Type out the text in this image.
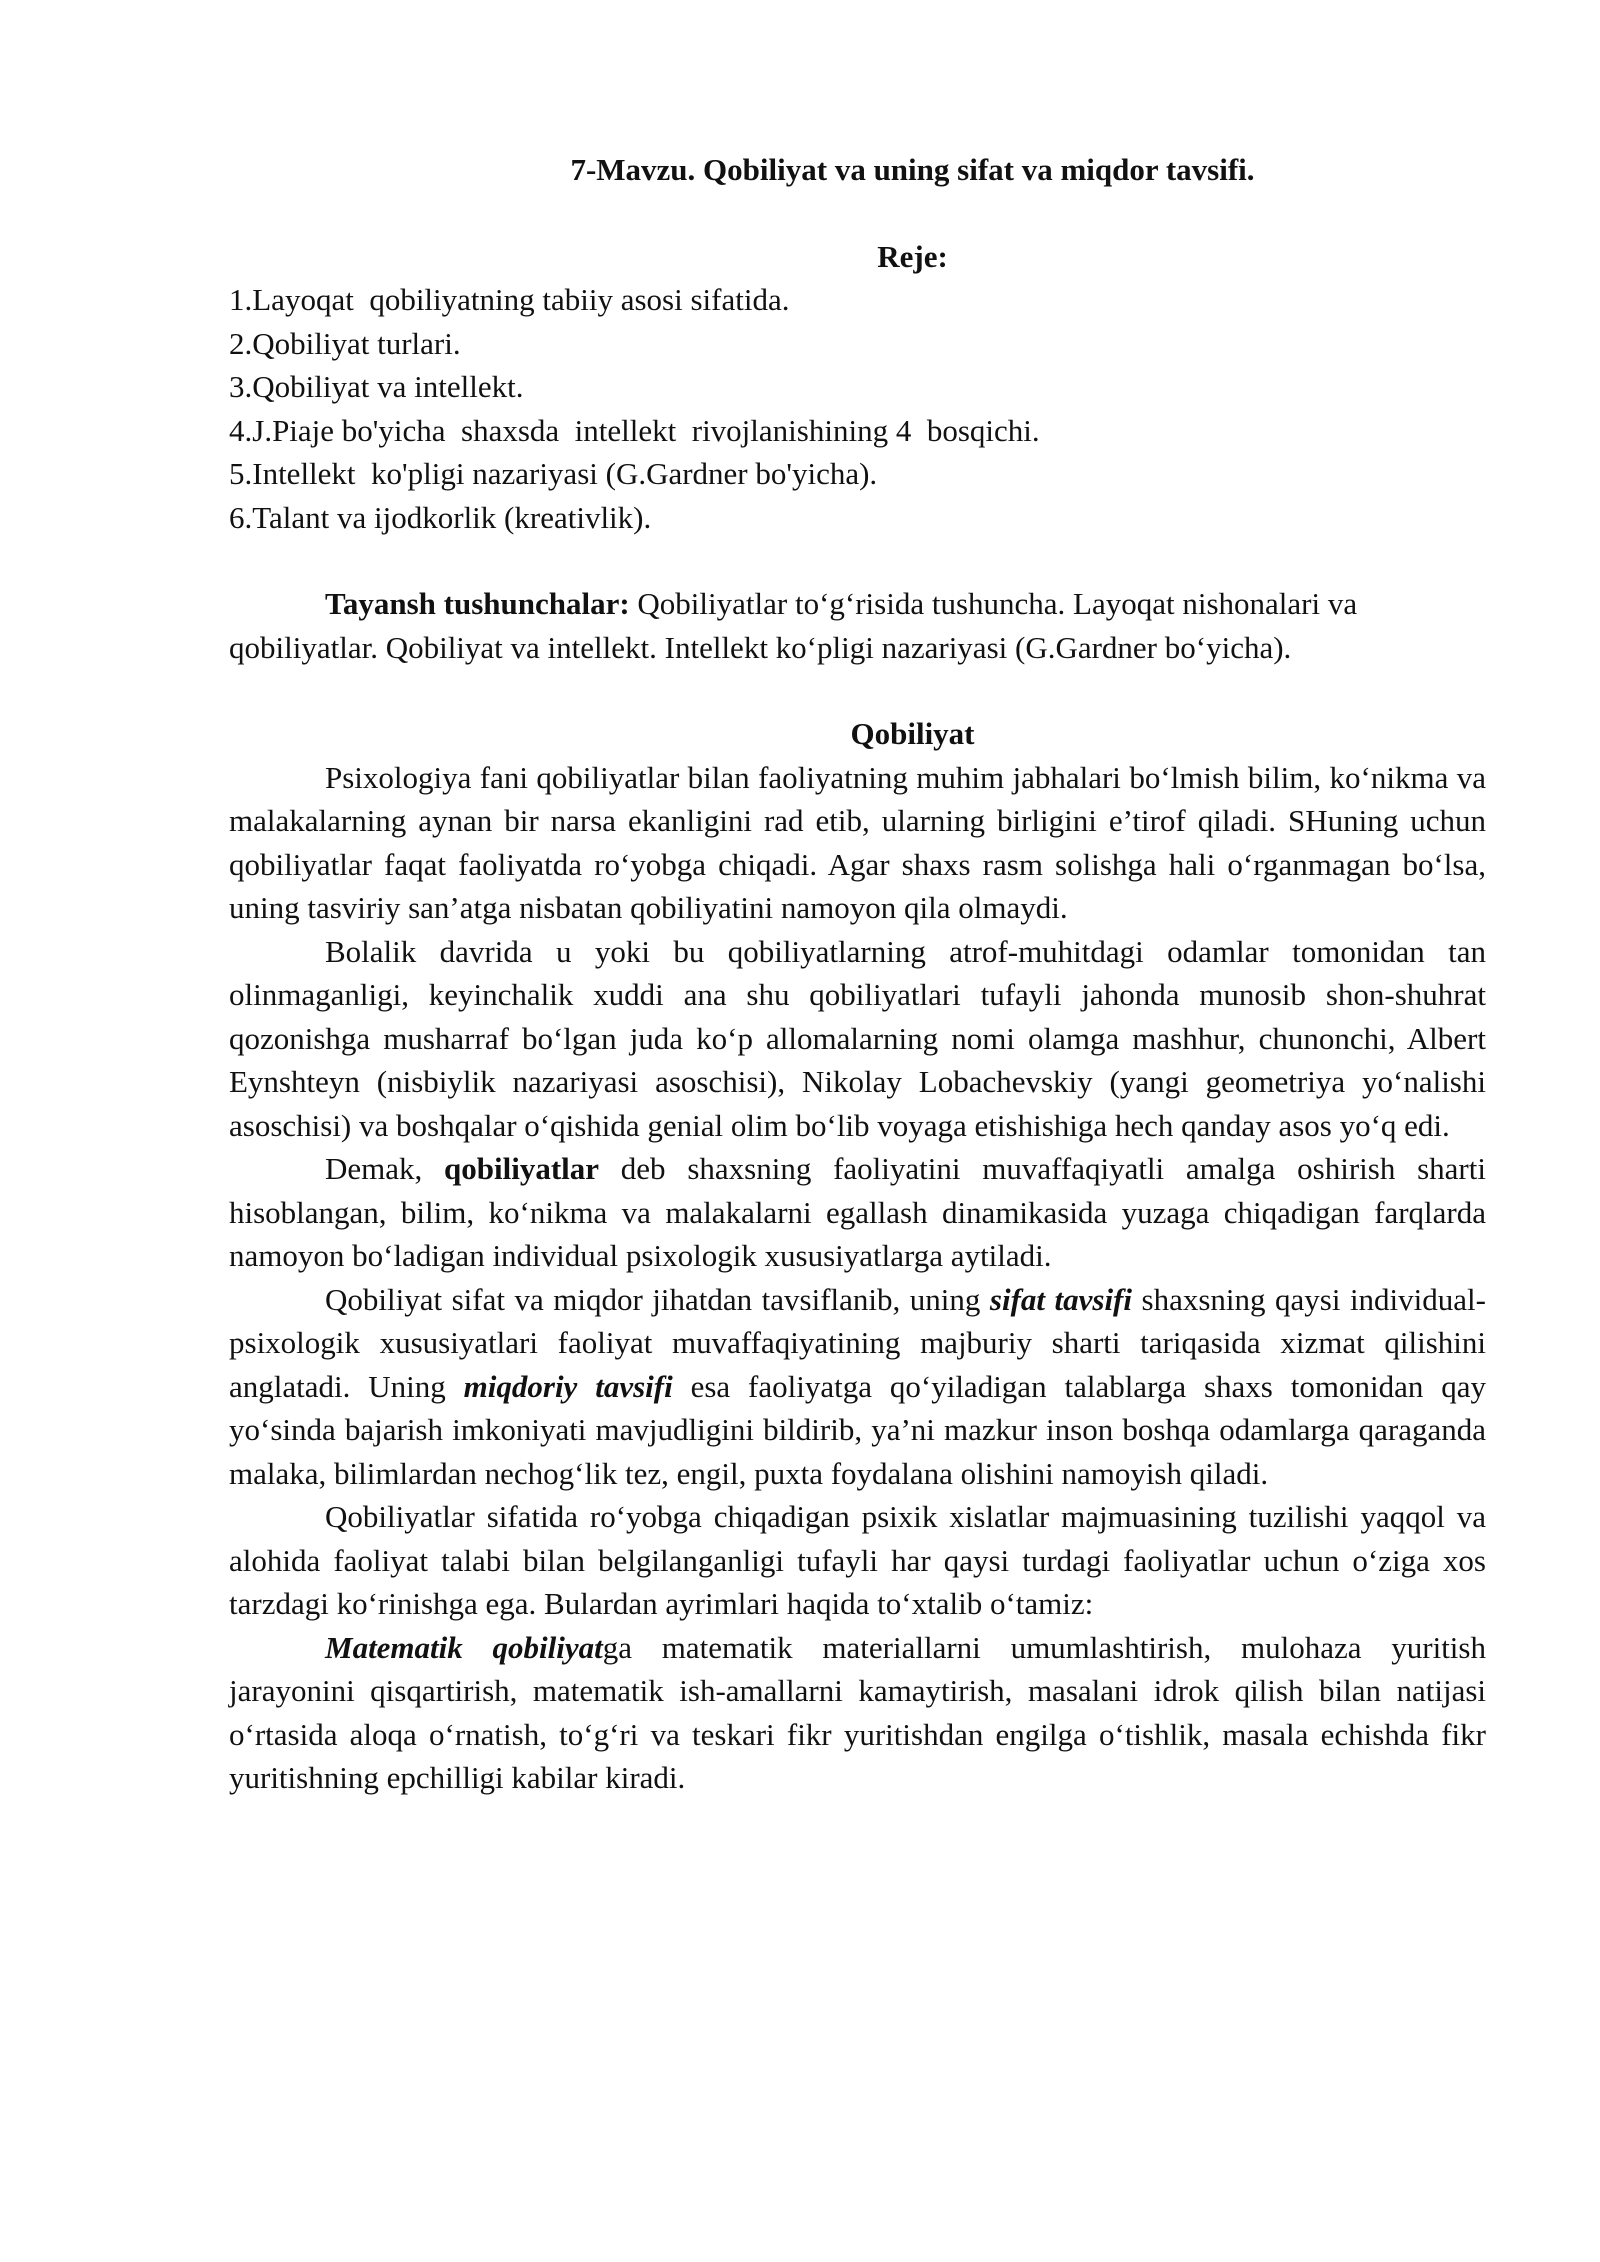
7-Mavzu. Qobiliyat va uning sifat va miqdor tavsifi.

Reje:

1.Layoqat  qobiliyatning tabiiy asosi sifatida.
2.Qobiliyat turlari.
3.Qobiliyat va intellekt.
4.J.Piaje bo'yicha  shaxsda  intellekt  rivojlanishining 4  bosqichi.
5.Intellekt  ko'pligi nazariyasi (G.Gardner bo'yicha).
6.Talant va ijodkorlik (kreativlik).

Tayansh tushunchalar: Qobiliyatlar to‘g‘risida tushuncha. Layoqat nishonalari va qobiliyatlar. Qobiliyat va intellekt. Intellekt ko‘pligi nazariyasi (G.Gardner bo‘yicha).

Qobiliyat

Psixologiya fani qobiliyatlar bilan faoliyatning muhim jabhalari bo‘lmish bilim, ko‘nikma va malakalarning aynan bir narsa ekanligini rad etib, ularning birligini e’tirof qiladi. SHuning uchun qobiliyatlar faqat faoliyatda ro‘yobga chiqadi. Agar shaxs rasm solishga hali o‘rganmagan bo‘lsa, uning tasviriy san’atga nisbatan qobiliyatini namoyon qila olmaydi.

Bolalik davrida u yoki bu qobiliyatlarning atrof-muhitdagi odamlar tomonidan tan olinmaganligi, keyinchalik xuddi ana shu qobiliyatlari tufayli jahonda munosib shon-shuhrat qozonishga musharraf bo‘lgan juda ko‘p allomalarning nomi olamga mashhur, chunonchi, Albert Eynshteyn (nisbiylik nazariyasi asoschisi), Nikolay Lobachevskiy (yangi geometriya yo‘nalishi asoschisi) va boshqalar o‘qishida genial olim bo‘lib voyaga etishishiga hech qanday asos yo‘q edi.

Demak, qobiliyatlar deb shaxsning faoliyatini muvaffaqiyatli amalga oshirish sharti hisoblangan, bilim, ko‘nikma va malakalarni egallash dinamikasida yuzaga chiqadigan farqlarda namoyon bo‘ladigan individual psixologik xususiyatlarga aytiladi.

Qobiliyat sifat va miqdor jihatdan tavsiflanib, uning sifat tavsifi shaxsning qaysi individual-psixologik xususiyatlari faoliyat muvaffaqiyatining majburiy sharti tariqasida xizmat qilishini anglatadi. Uning miqdoriy tavsifi esa faoliyatga qo‘yiladigan talablarga shaxs tomonidan qay yo‘sinda bajarish imkoniyati mavjudligini bildirib, ya’ni mazkur inson boshqa odamlarga qaraganda malaka, bilimlardan nechog‘lik tez, engil, puxta foydalana olishini namoyish qiladi.

Qobiliyatlar sifatida ro‘yobga chiqadigan psixik xislatlar majmuasining tuzilishi yaqqol va alohida faoliyat talabi bilan belgilanganligi tufayli har qaysi turdagi faoliyatlar uchun o‘ziga xos tarzdagi ko‘rinishga ega. Bulardan ayrimlari haqida to‘xtalib o‘tamiz:

Matematik qobiliyatga matematik materiallarni umumlashtirish, mulohaza yuritish jarayonini qisqartirish, matematik ish-amallarni kamaytirish, masalani idrok qilish bilan natijasi o‘rtasida aloqa o‘rnatish, to‘g‘ri va teskari fikr yuritishdan engilga o‘tishlik, masala echishda fikr yuritishning epchilligi kabilar kiradi.
